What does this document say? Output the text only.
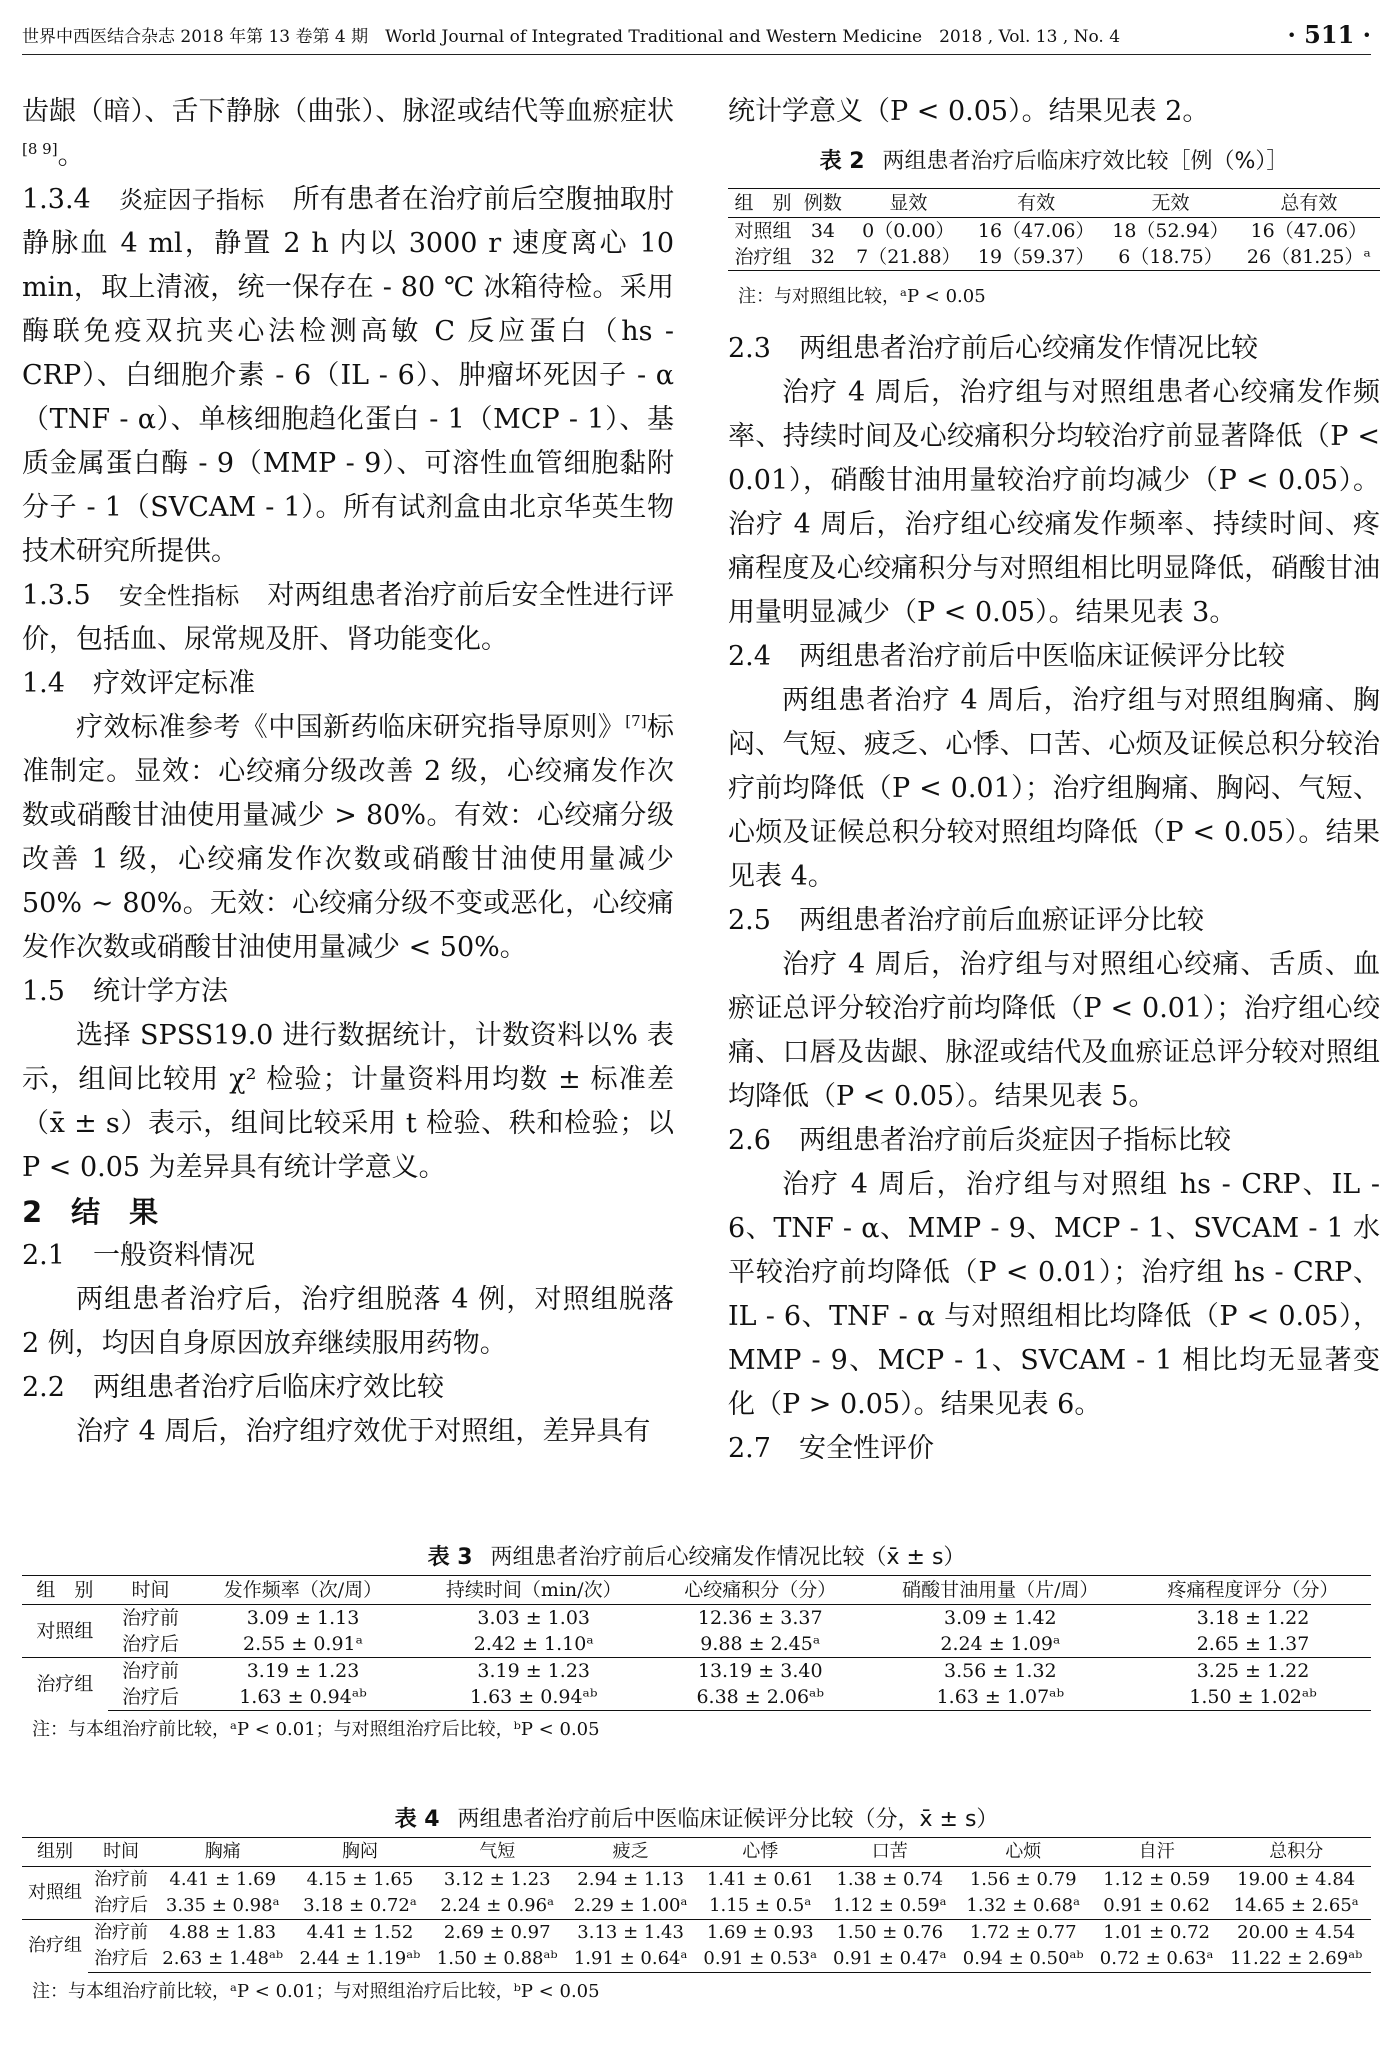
世界中西医结合杂志 2018 年第 13 卷第 4 期　World Journal of Integrated Traditional and Western Medicine　2018 , Vol. 13 , No. 4	· 511 ·

齿龈（暗）、舌下静脉（曲张）、脉涩或结代等血瘀症状[8 9]。

1.3.4 炎症因子指标 所有患者在治疗前后空腹抽取肘静脉血 4 ml，静置 2 h 内以 3000 r 速度离心 10 min，取上清液，统一保存在 - 80 ℃ 冰箱待检。采用酶联免疫双抗夹心法检测高敏 C 反应蛋白（hs - CRP）、白细胞介素 - 6（IL - 6）、肿瘤坏死因子 - α（TNF - α）、单核细胞趋化蛋白 - 1（MCP - 1）、基质金属蛋白酶 - 9（MMP - 9）、可溶性血管细胞黏附分子 - 1（SVCAM - 1）。所有试剂盒由北京华英生物技术研究所提供。

1.3.5 安全性指标 对两组患者治疗前后安全性进行评价，包括血、尿常规及肝、肾功能变化。

1.4 疗效评定标准

疗效标准参考《中国新药临床研究指导原则》[7]标准制定。显效：心绞痛分级改善 2 级，心绞痛发作次数或硝酸甘油使用量减少 > 80%。有效：心绞痛分级改善 1 级，心绞痛发作次数或硝酸甘油使用量减少 50% ~ 80%。无效：心绞痛分级不变或恶化，心绞痛发作次数或硝酸甘油使用量减少 < 50%。

1.5 统计学方法

选择 SPSS19.0 进行数据统计，计数资料以% 表示，组间比较用 χ² 检验；计量资料用均数 ± 标准差（x̄ ± s）表示，组间比较采用 t 检验、秩和检验；以 P < 0.05 为差异具有统计学意义。

2　结　果

2.1 一般资料情况

两组患者治疗后，治疗组脱落 4 例，对照组脱落 2 例，均因自身原因放弃继续服用药物。

2.2 两组患者治疗后临床疗效比较

治疗 4 周后，治疗组疗效优于对照组，差异具有

统计学意义（P < 0.05）。结果见表 2。

表 2 两组患者治疗后临床疗效比较［例（%）］
组　别	例数	显效	有效	无效	总有效
对照组	34	0（0.00）	16（47.06）	18（52.94）	16（47.06）
治疗组	32	7（21.88）	19（59.37）	6（18.75）	26（81.25）ᵃ
注：与对照组比较，ᵃP < 0.05

2.3 两组患者治疗前后心绞痛发作情况比较

治疗 4 周后，治疗组与对照组患者心绞痛发作频率、持续时间及心绞痛积分均较治疗前显著降低（P < 0.01），硝酸甘油用量较治疗前均减少（P < 0.05）。治疗 4 周后，治疗组心绞痛发作频率、持续时间、疼痛程度及心绞痛积分与对照组相比明显降低，硝酸甘油用量明显减少（P < 0.05）。结果见表 3。

2.4 两组患者治疗前后中医临床证候评分比较

两组患者治疗 4 周后，治疗组与对照组胸痛、胸闷、气短、疲乏、心悸、口苦、心烦及证候总积分较治疗前均降低（P < 0.01）；治疗组胸痛、胸闷、气短、心烦及证候总积分较对照组均降低（P < 0.05）。结果见表 4。

2.5 两组患者治疗前后血瘀证评分比较

治疗 4 周后，治疗组与对照组心绞痛、舌质、血瘀证总评分较治疗前均降低（P < 0.01）；治疗组心绞痛、口唇及齿龈、脉涩或结代及血瘀证总评分较对照组均降低（P < 0.05）。结果见表 5。

2.6 两组患者治疗前后炎症因子指标比较

治疗 4 周后，治疗组与对照组 hs - CRP、IL - 6、TNF - α、MMP - 9、MCP - 1、SVCAM - 1 水平较治疗前均降低（P < 0.01）；治疗组 hs - CRP、IL - 6、TNF - α 与对照组相比均降低（P < 0.05），MMP - 9、MCP - 1、SVCAM - 1 相比均无显著变化（P > 0.05）。结果见表 6。

2.7 安全性评价

表 3 两组患者治疗前后心绞痛发作情况比较（x̄ ± s）
组　别	时间	发作频率（次/周）	持续时间（min/次）	心绞痛积分（分）	硝酸甘油用量（片/周）	疼痛程度评分（分）
对照组	治疗前	3.09 ± 1.13	3.03 ± 1.03	12.36 ± 3.37	3.09 ± 1.42	3.18 ± 1.22
	治疗后	2.55 ± 0.91ᵃ	2.42 ± 1.10ᵃ	9.88 ± 2.45ᵃ	2.24 ± 1.09ᵃ	2.65 ± 1.37
治疗组	治疗前	3.19 ± 1.23	3.19 ± 1.23	13.19 ± 3.40	3.56 ± 1.32	3.25 ± 1.22
	治疗后	1.63 ± 0.94ᵃᵇ	1.63 ± 0.94ᵃᵇ	6.38 ± 2.06ᵃᵇ	1.63 ± 1.07ᵃᵇ	1.50 ± 1.02ᵃᵇ
注：与本组治疗前比较，ᵃP < 0.01；与对照组治疗后比较，ᵇP < 0.05
表 4 两组患者治疗前后中医临床证候评分比较（分，x̄ ± s）
组别	时间	胸痛	胸闷	气短	疲乏	心悸	口苦	心烦	自汗	总积分
对照组	治疗前	4.41 ± 1.69	4.15 ± 1.65	3.12 ± 1.23	2.94 ± 1.13	1.41 ± 0.61	1.38 ± 0.74	1.56 ± 0.79	1.12 ± 0.59	19.00 ± 4.84
	治疗后	3.35 ± 0.98ᵃ	3.18 ± 0.72ᵃ	2.24 ± 0.96ᵃ	2.29 ± 1.00ᵃ	1.15 ± 0.5ᵃ	1.12 ± 0.59ᵃ	1.32 ± 0.68ᵃ	0.91 ± 0.62	14.65 ± 2.65ᵃ
治疗组	治疗前	4.88 ± 1.83	4.41 ± 1.52	2.69 ± 0.97	3.13 ± 1.43	1.69 ± 0.93	1.50 ± 0.76	1.72 ± 0.77	1.01 ± 0.72	20.00 ± 4.54
	治疗后	2.63 ± 1.48ᵃᵇ	2.44 ± 1.19ᵃᵇ	1.50 ± 0.88ᵃᵇ	1.91 ± 0.64ᵃ	0.91 ± 0.53ᵃ	0.91 ± 0.47ᵃ	0.94 ± 0.50ᵃᵇ	0.72 ± 0.63ᵃ	11.22 ± 2.69ᵃᵇ
注：与本组治疗前比较，ᵃP < 0.01；与对照组治疗后比较，ᵇP < 0.05
